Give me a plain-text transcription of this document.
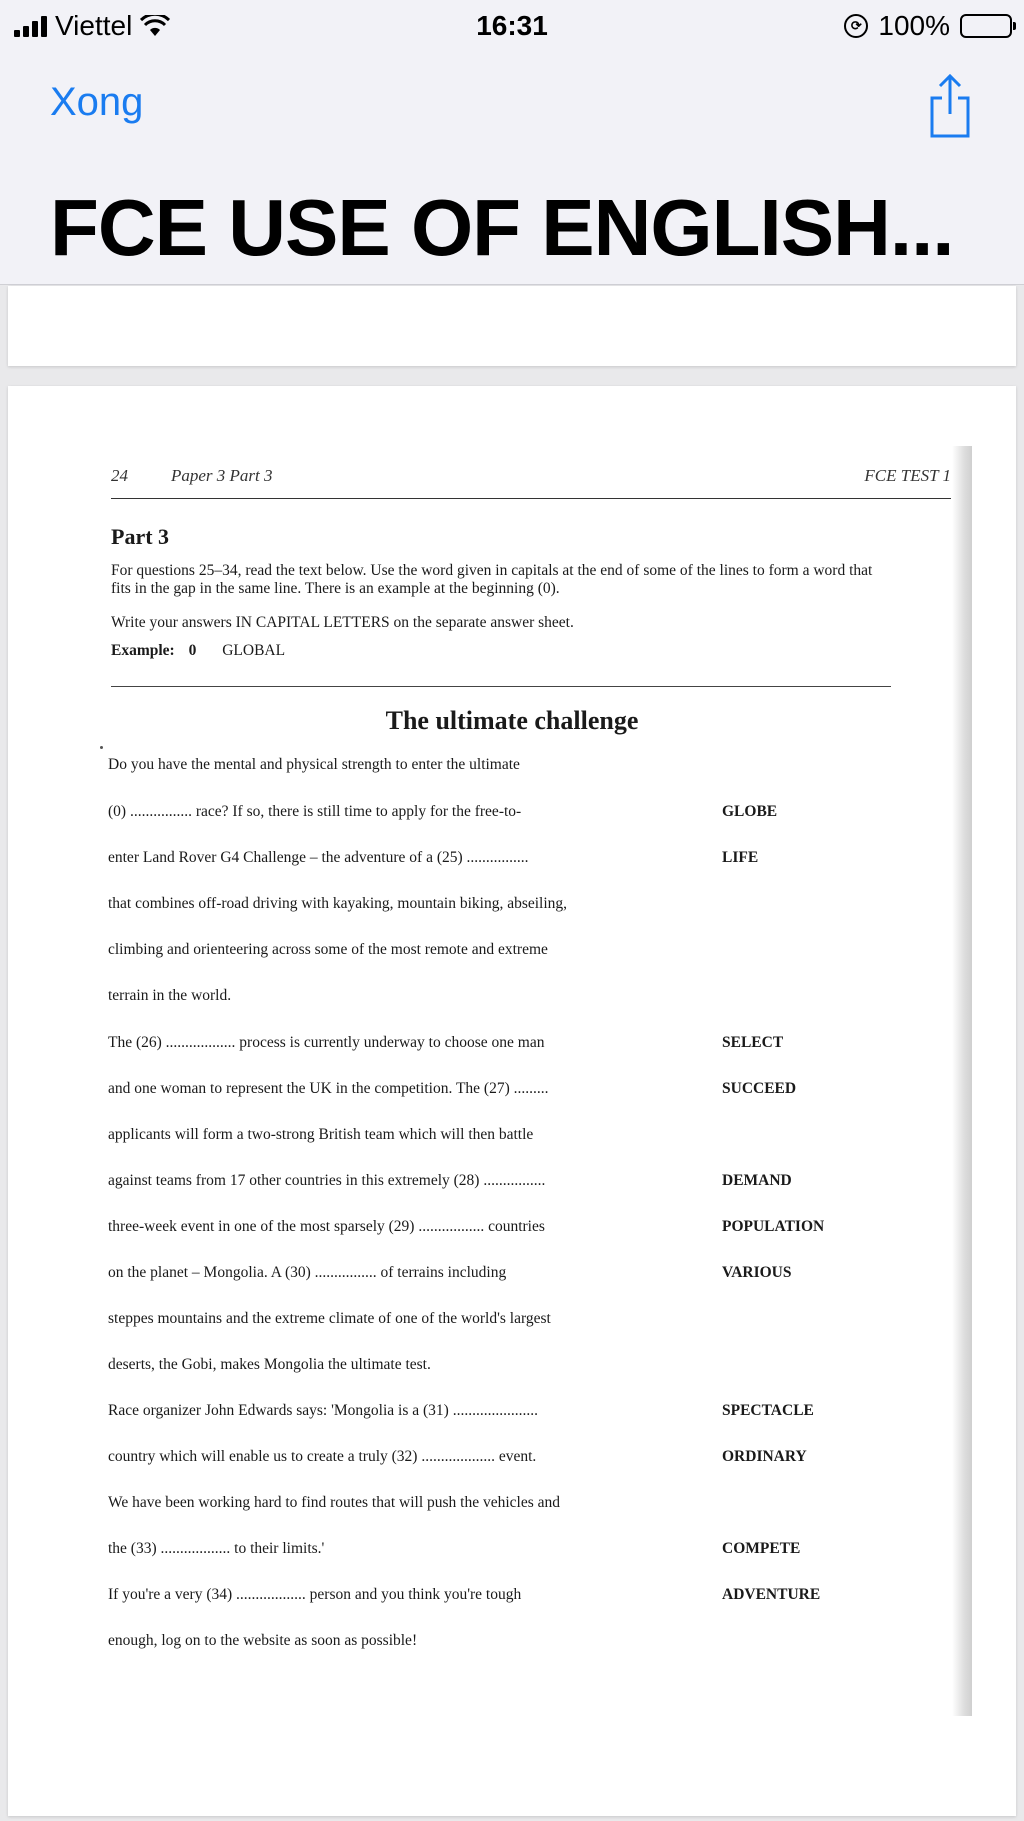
Viettel	16:31	⟳ 100%
Xong
FCE USE OF ENGLISH...
24	Paper 3 Part 3	FCE TEST 1
Part 3
For questions 25–34, read the text below. Use the word given in capitals at the end of some of the lines to form a word that fits in the gap in the same line. There is an example at the beginning (0).
Write your answers IN CAPITAL LETTERS on the separate answer sheet.
Example: 0 GLOBAL
The ultimate challenge
Do you have the mental and physical strength to enter the ultimate
(0) ................ race? If so, there is still time to apply for the free-to-	GLOBE
enter Land Rover G4 Challenge – the adventure of a (25) ................	LIFE
that combines off-road driving with kayaking, mountain biking, abseiling,
climbing and orienteering across some of the most remote and extreme
terrain in the world.
The (26) .................. process is currently underway to choose one man	SELECT
and one woman to represent the UK in the competition. The (27) .........	SUCCEED
applicants will form a two-strong British team which will then battle
against teams from 17 other countries in this extremely (28) ................	DEMAND
three-week event in one of the most sparsely (29) ................. countries	POPULATION
on the planet – Mongolia. A (30) ................ of terrains including	VARIOUS
steppes mountains and the extreme climate of one of the world's largest
deserts, the Gobi, makes Mongolia the ultimate test.
Race organizer John Edwards says: 'Mongolia is a (31) ......................	SPECTACLE
country which will enable us to create a truly (32) ................... event.	ORDINARY
We have been working hard to find routes that will push the vehicles and
the (33) .................. to their limits.'	COMPETE
If you're a very (34) .................. person and you think you're tough	ADVENTURE
enough, log on to the website as soon as possible!
